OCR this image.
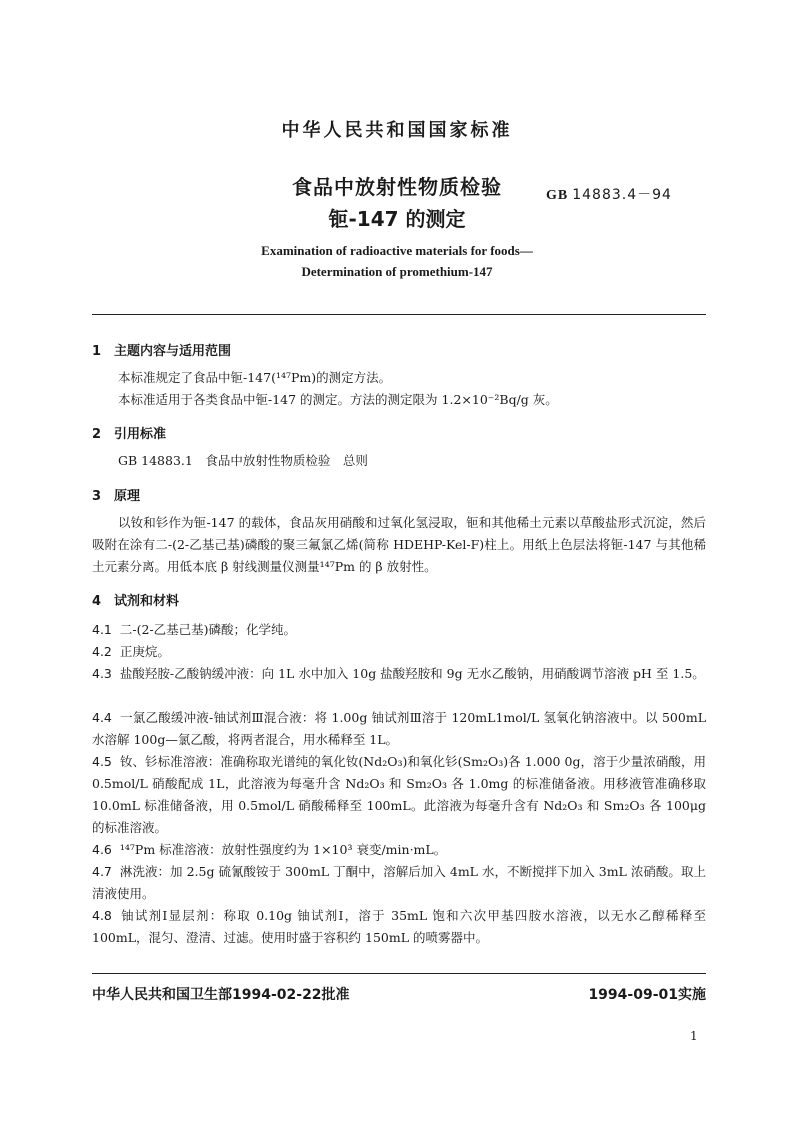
中华人民共和国国家标准
食品中放射性物质检验
钷-147 的测定
GB 14883.4－94
Examination of radioactive materials for foods—
Determination of promethium-147
1 主题内容与适用范围
本标准规定了食品中钷-147(¹⁴⁷Pm)的测定方法。
本标准适用于各类食品中钷-147 的测定。方法的测定限为 1.2×10⁻²Bq/g 灰。
2 引用标准
GB 14883.1　食品中放射性物质检验　总则
3 原理
以钕和钐作为钷-147 的载体，食品灰用硝酸和过氧化氢浸取，钷和其他稀土元素以草酸盐形式沉淀，然后吸附在涂有二-(2-乙基己基)磷酸的聚三氟氯乙烯(简称 HDEHP-Kel-F)柱上。用纸上色层法将钷-147 与其他稀土元素分离。用低本底 β 射线测量仪测量¹⁴⁷Pm 的 β 放射性。
4 试剂和材料
4.1 二-(2-乙基己基)磷酸；化学纯。
4.2 正庚烷。
4.3 盐酸羟胺-乙酸钠缓冲液：向 1L 水中加入 10g 盐酸羟胺和 9g 无水乙酸钠，用硝酸调节溶液 pH 至 1.5。
4.4 一氯乙酸缓冲液-铀试剂Ⅲ混合液：将 1.00g 铀试剂Ⅲ溶于 120mL1mol/L 氢氧化钠溶液中。以 500mL 水溶解 100g—氯乙酸，将两者混合，用水稀释至 1L。
4.5 钕、钐标准溶液：准确称取光谱纯的氧化钕(Nd₂O₃)和氧化钐(Sm₂O₃)各 1.000 0g，溶于少量浓硝酸，用 0.5mol/L 硝酸配成 1L，此溶液为每毫升含 Nd₂O₃ 和 Sm₂O₃ 各 1.0mg 的标准储备液。用移液管准确移取 10.0mL 标准储备液，用 0.5mol/L 硝酸稀释至 100mL。此溶液为每毫升含有 Nd₂O₃ 和 Sm₂O₃ 各 100μg 的标准溶液。
4.6 ¹⁴⁷Pm 标准溶液：放射性强度约为 1×10³ 衰变/min·mL。
4.7 淋洗液：加 2.5g 硫氰酸铵于 300mL 丁酮中，溶解后加入 4mL 水，不断搅拌下加入 3mL 浓硝酸。取上清液使用。
4.8 铀试剂Ⅰ显层剂：称取 0.10g 铀试剂Ⅰ，溶于 35mL 饱和六次甲基四胺水溶液，以无水乙醇稀释至 100mL，混匀、澄清、过滤。使用时盛于容积约 150mL 的喷雾器中。
中华人民共和国卫生部1994-02-22批准	1994-09-01实施
1
